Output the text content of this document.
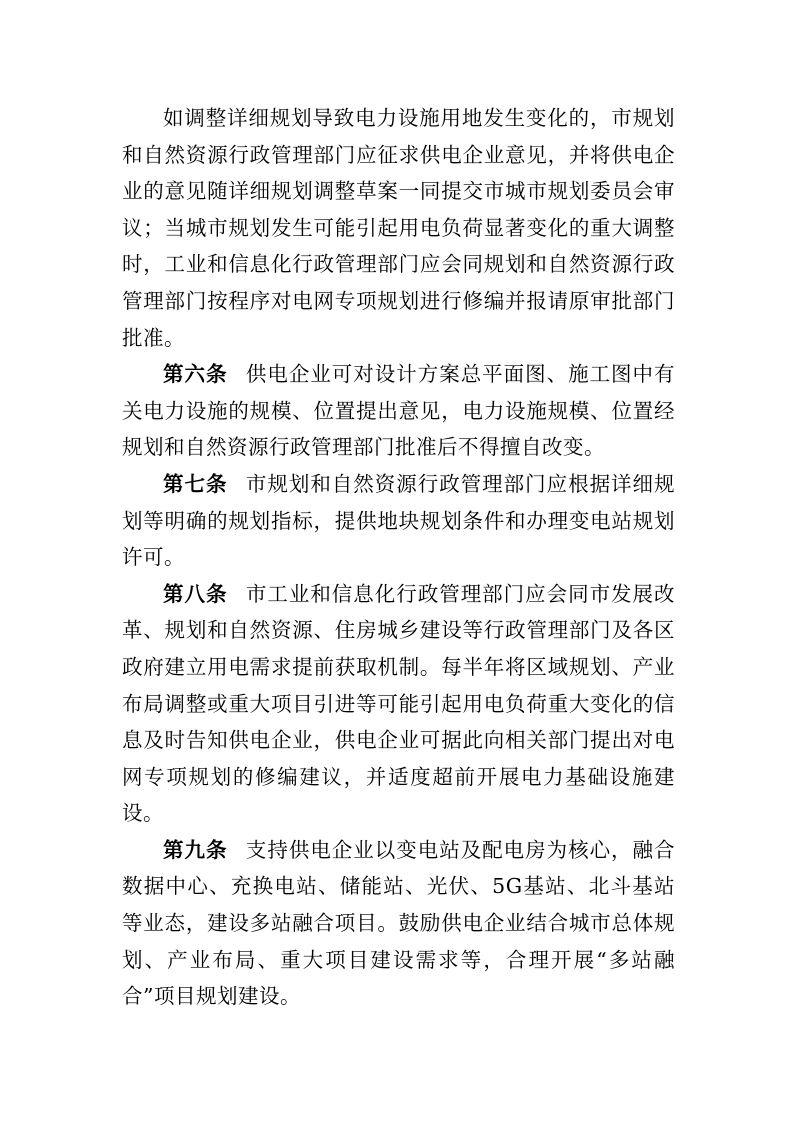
如调整详细规划导致电力设施用地发生变化的，市规划和自然资源行政管理部门应征求供电企业意见，并将供电企业的意见随详细规划调整草案一同提交市城市规划委员会审议；当城市规划发生可能引起用电负荷显著变化的重大调整时，工业和信息化行政管理部门应会同规划和自然资源行政管理部门按程序对电网专项规划进行修编并报请原审批部门批准。

第六条 供电企业可对设计方案总平面图、施工图中有关电力设施的规模、位置提出意见，电力设施规模、位置经规划和自然资源行政管理部门批准后不得擅自改变。

第七条 市规划和自然资源行政管理部门应根据详细规划等明确的规划指标，提供地块规划条件和办理变电站规划许可。

第八条 市工业和信息化行政管理部门应会同市发展改革、规划和自然资源、住房城乡建设等行政管理部门及各区政府建立用电需求提前获取机制。每半年将区域规划、产业布局调整或重大项目引进等可能引起用电负荷重大变化的信息及时告知供电企业，供电企业可据此向相关部门提出对电网专项规划的修编建议，并适度超前开展电力基础设施建设。

第九条 支持供电企业以变电站及配电房为核心，融合数据中心、充换电站、储能站、光伏、5G基站、北斗基站等业态，建设多站融合项目。鼓励供电企业结合城市总体规划、产业布局、重大项目建设需求等，合理开展“多站融合”项目规划建设。
